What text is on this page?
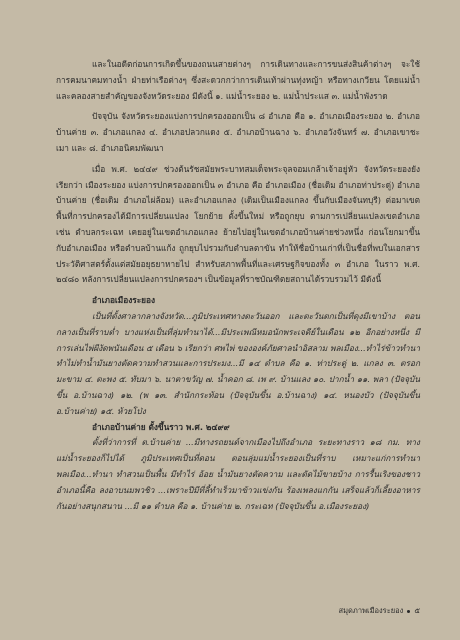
และในอดีตก่อนการเกิดขึ้นของถนนสายต่างๆ การเดินทางและการขนส่งสินค้าต่างๆ จะใช้การคมนาคมทางน้ำ ฝ่ายท่าเรือต่างๆ ซึ่งสะดวกกว่าการเดินเท้าผ่านทุ่งหญ้า หรือทางเกวียน โดยแม่น้ำและคลองสายสำคัญของจังหวัดระยอง มีดังนี้ ๑. แม่น้ำระยอง ๒. แม่น้ำประแส ๓. แม่น้ำพังราด

ปัจจุบัน จังหวัดระยองแบ่งการปกครองออกเป็น ๘ อำเภอ คือ ๑. อำเภอเมืองระยอง ๒. อำเภอบ้านค่าย ๓. อำเภอแกลง ๔. อำเภอปลวกแดง ๕. อำเภอบ้านฉาง ๖. อำเภอวังจันทร์ ๗. อำเภอเขาชะเมา และ ๘. อำเภอนิคมพัฒนา

เมื่อ พ.ศ. ๒๔๔๙ ช่วงต้นรัชสมัยพระบาทสมเด็จพระจุลจอมเกล้าเจ้าอยู่หัว จังหวัดระยองยังเรียกว่า เมืองระยอง แบ่งการปกครองออกเป็น ๓ อำเภอ คือ อำเภอเมือง (ชื่อเดิม อำเภอท่าประดู่) อำเภอบ้านค่าย (ชื่อเดิม อำเภอไผ่ล้อม) และอำเภอแกลง (เดิมเป็นเมืองแกลง ขึ้นกับเมืองจันทบุรี) ต่อมาเขตพื้นที่การปกครองได้มีการเปลี่ยนแปลง โยกย้าย ตั้งขึ้นใหม่ หรือถูกยุบ ตามการเปลี่ยนแปลงเขตอำเภอ เช่น ตำบลกระเฉท เคยอยู่ในเขตอำเภอแกลง ย้ายไปอยู่ในเขตอำเภอบ้านค่ายช่วงหนึ่ง ก่อนโยกมาขึ้นกับอำเภอเมือง หรือตำบลบ้านแก้ง ถูกยุบไปรวมกับตำบลตาขัน ทำให้ชื่อบ้านเก่าที่เป็นชื่อที่พบในเอกสารประวัติศาสตร์ตั้งแต่สมัยอยุธยาหายไป สำหรับสภาพพื้นที่และเศรษฐกิจของทั้ง ๓ อำเภอ ในราว พ.ศ. ๒๔๘๐ หลังการเปลี่ยนแปลงการปกครองฯ เป็นข้อมูลที่ราชบัณฑิตยสถานได้รวบรวมไว้ มีดังนี้

อำเภอเมืองระยอง

เป็นที่ตั้งศาลากลางจังหวัด...ภูมิประเทศทางตะวันออก และตะวันตกเป็นที่ดุงมีเขาบ้าง ตอนกลางเป็นที่ราบต่ำ บางแห่งเป็นที่ลุ่มทำนาได้...มีประเพณีหมอนักพระเจดีย์ในเดือน ๑๒ อีกอย่างหนึ่ง มีการเล่นไพ่ผีงัดพนันเดือน ๕ เดือน ๖ เรียกว่า ศพไพ่ ขององค์ภัยศาลนำอิสลาม พลเมือง...ทำไร่ข้าวทำนาทำไม่ทำน้ำมันยางตัดความทำสวนและการประมง...มี ๑๔ ตำบล คือ ๑. ท่าประดู่ ๒. แกลง ๓. ตรอกมะขาม ๔. ตะพง ๕. ทับมา ๖. นาตาขวัญ ๗. น้ำคอก ๘. เพ ๙. บ้านแลง ๑๐. ปากน้ำ ๑๑. พลา (ปัจจุบันขึ้น อ.บ้านฉาง) ๑๒. (พ ๑๓. สำนักกระท้อน (ปัจจุบันขึ้น อ.บ้านฉาง) ๑๔. หนองบัว (ปัจจุบันขึ้น อ.บ้านค่าย) ๑๕. ห้วยโป่ง

อำเภอบ้านค่าย ตั้งขึ้นราว พ.ศ. ๒๔๙๙

ตั้งที่ว่าการที่ ต.บ้านค่าย ...มีทางรถยนต์จากเมืองไปถึงอำเภอ ระยะทางราว ๑๘ กม. ทางแม่น้ำระยองก็ไปได้ ภูมิประเทศเป็นที่ดอน ตอนลุ่มแม่น้ำระยองเป็นที่ราบ เหมาะแก่การทำนา พลเมือง...ทำนา ทำสวนเป็นพื้น มีทำไร่ อ้อย น้ำมันยางตัดความ และตัดไม้ขายบ้าง การรื้นเริงของชาวอำเภอนี้คือ ลงอาบนมพวชิว ...เพราะปีมีที่ลี้ทำเร็วมาข้าวแข่งกัน ร้องเพลงแกกัน เสร็จแล้วก็เลี้ยงอาหารกันอย่างสนุกสนาน ...มี ๑๑ ตำบล คือ ๑. บ้านค่าย ๒. กระเฉท (ปัจจุบันขึ้น อ.เมืองระยอง)

สมุดภาพเมืองระยอง ๕
